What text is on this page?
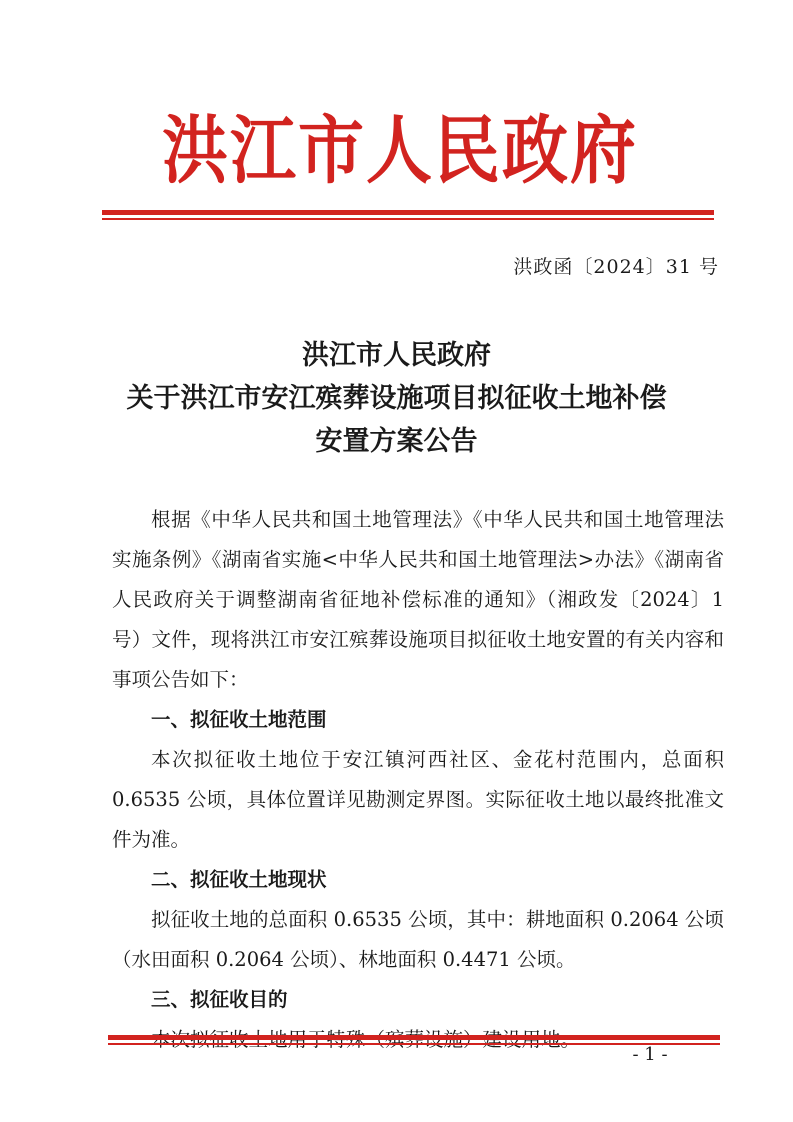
洪江市人民政府
洪政函〔2024〕31 号
洪江市人民政府
关于洪江市安江殡葬设施项目拟征收土地补偿
安置方案公告

根据《中华人民共和国土地管理法》《中华人民共和国土地管理法实施条例》《湖南省实施<中华人民共和国土地管理法>办法》《湖南省人民政府关于调整湖南省征地补偿标准的通知》（湘政发〔2024〕1 号）文件，现将洪江市安江殡葬设施项目拟征收土地安置的有关内容和事项公告如下：

一、拟征收土地范围

本次拟征收土地位于安江镇河西社区、金花村范围内，总面积 0.6535 公顷，具体位置详见勘测定界图。实际征收土地以最终批准文件为准。

二、拟征收土地现状

拟征收土地的总面积 0.6535 公顷，其中：耕地面积 0.2064 公顷（水田面积 0.2064 公顷）、林地面积 0.4471 公顷。

三、拟征收目的

- 1 -
